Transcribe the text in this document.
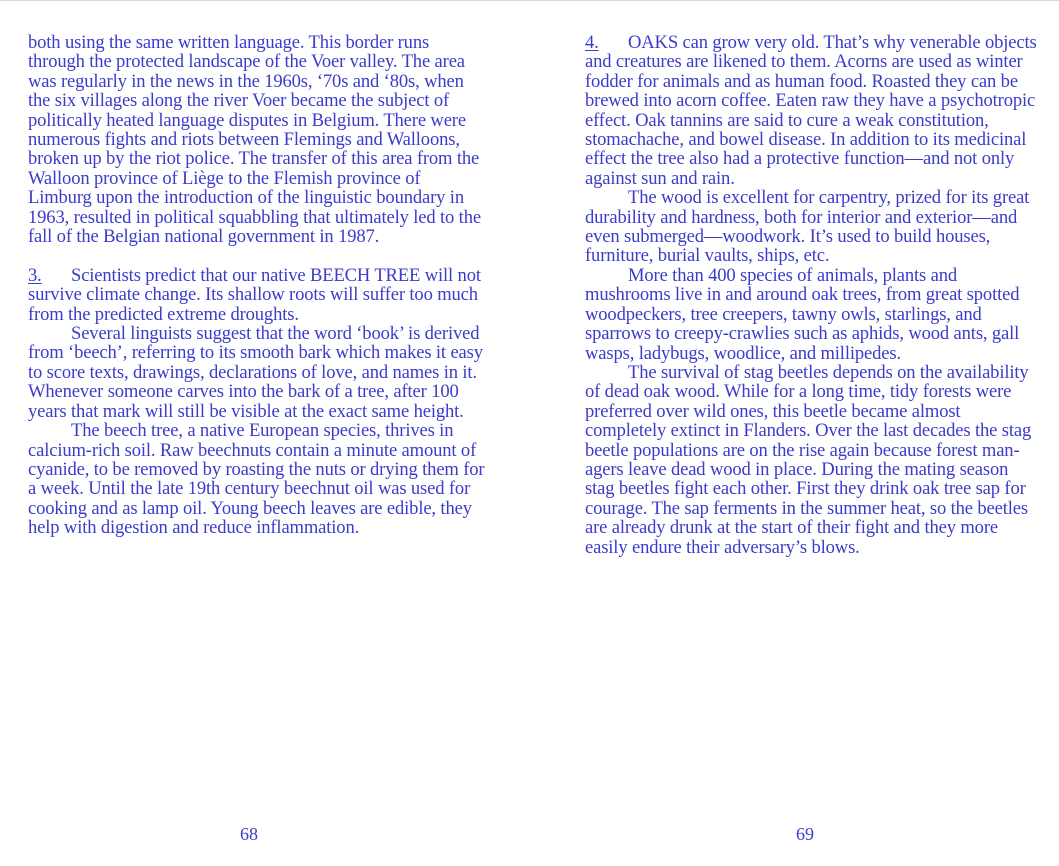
both using the same written language. This border runs through the protected landscape of the Voer valley. The area was regularly in the news in the 1960s, ‘70s and ‘80s, when the six villages along the river Voer became the subject of politically heated language disputes in Belgium. There were numerous fights and riots between Flemings and Walloons, broken up by the riot police. The transfer of this area from the Walloon province of Liège to the Flemish province of Limburg upon the introduction of the linguistic boundary in 1963, resulted in political squabbling that ultimately led to the fall of the Belgian national government in 1987.

3. Scientists predict that our native BEECH TREE will not survive climate change. Its shallow roots will suffer too much from the predicted extreme droughts.

Several linguists suggest that the word ‘book’ is derived from ‘beech’, referring to its smooth bark which makes it easy to score texts, drawings, declarations of love, and names in it. Whenever someone carves into the bark of a tree, after 100 years that mark will still be visible at the exact same height.

The beech tree, a native European species, thrives in calcium-rich soil. Raw beechnuts contain a minute amount of cyanide, to be removed by roasting the nuts or drying them for a week. Until the late 19th century beechnut oil was used for cooking and as lamp oil. Young beech leaves are edible, they help with digestion and reduce inflammation.

4. OAKS can grow very old. That’s why venerable objects and creatures are likened to them. Acorns are used as winter fodder for animals and as human food. Roasted they can be brewed into acorn coffee. Eaten raw they have a psychotropic effect. Oak tannins are said to cure a weak constitution, stomachache, and bowel disease. In addition to its medicinal effect the tree also had a protective function—and not only against sun and rain.

The wood is excellent for carpentry, prized for its great durability and hardness, both for interior and exterior—and even submerged—woodwork. It’s used to build houses, furniture, burial vaults, ships, etc.

More than 400 species of animals, plants and mushrooms live in and around oak trees, from great spotted woodpeckers, tree creepers, tawny owls, starlings, and sparrows to creepy-crawlies such as aphids, wood ants, gall wasps, ladybugs, woodlice, and millipedes.

The survival of stag beetles depends on the availability of dead oak wood. While for a long time, tidy forests were preferred over wild ones, this beetle became almost completely extinct in Flanders. Over the last decades the stag beetle populations are on the rise again because forest managers leave dead wood in place. During the mating season stag beetles fight each other. First they drink oak tree sap for courage. The sap ferments in the summer heat, so the beetles are already drunk at the start of their fight and they more easily endure their adversary’s blows.

68	69
